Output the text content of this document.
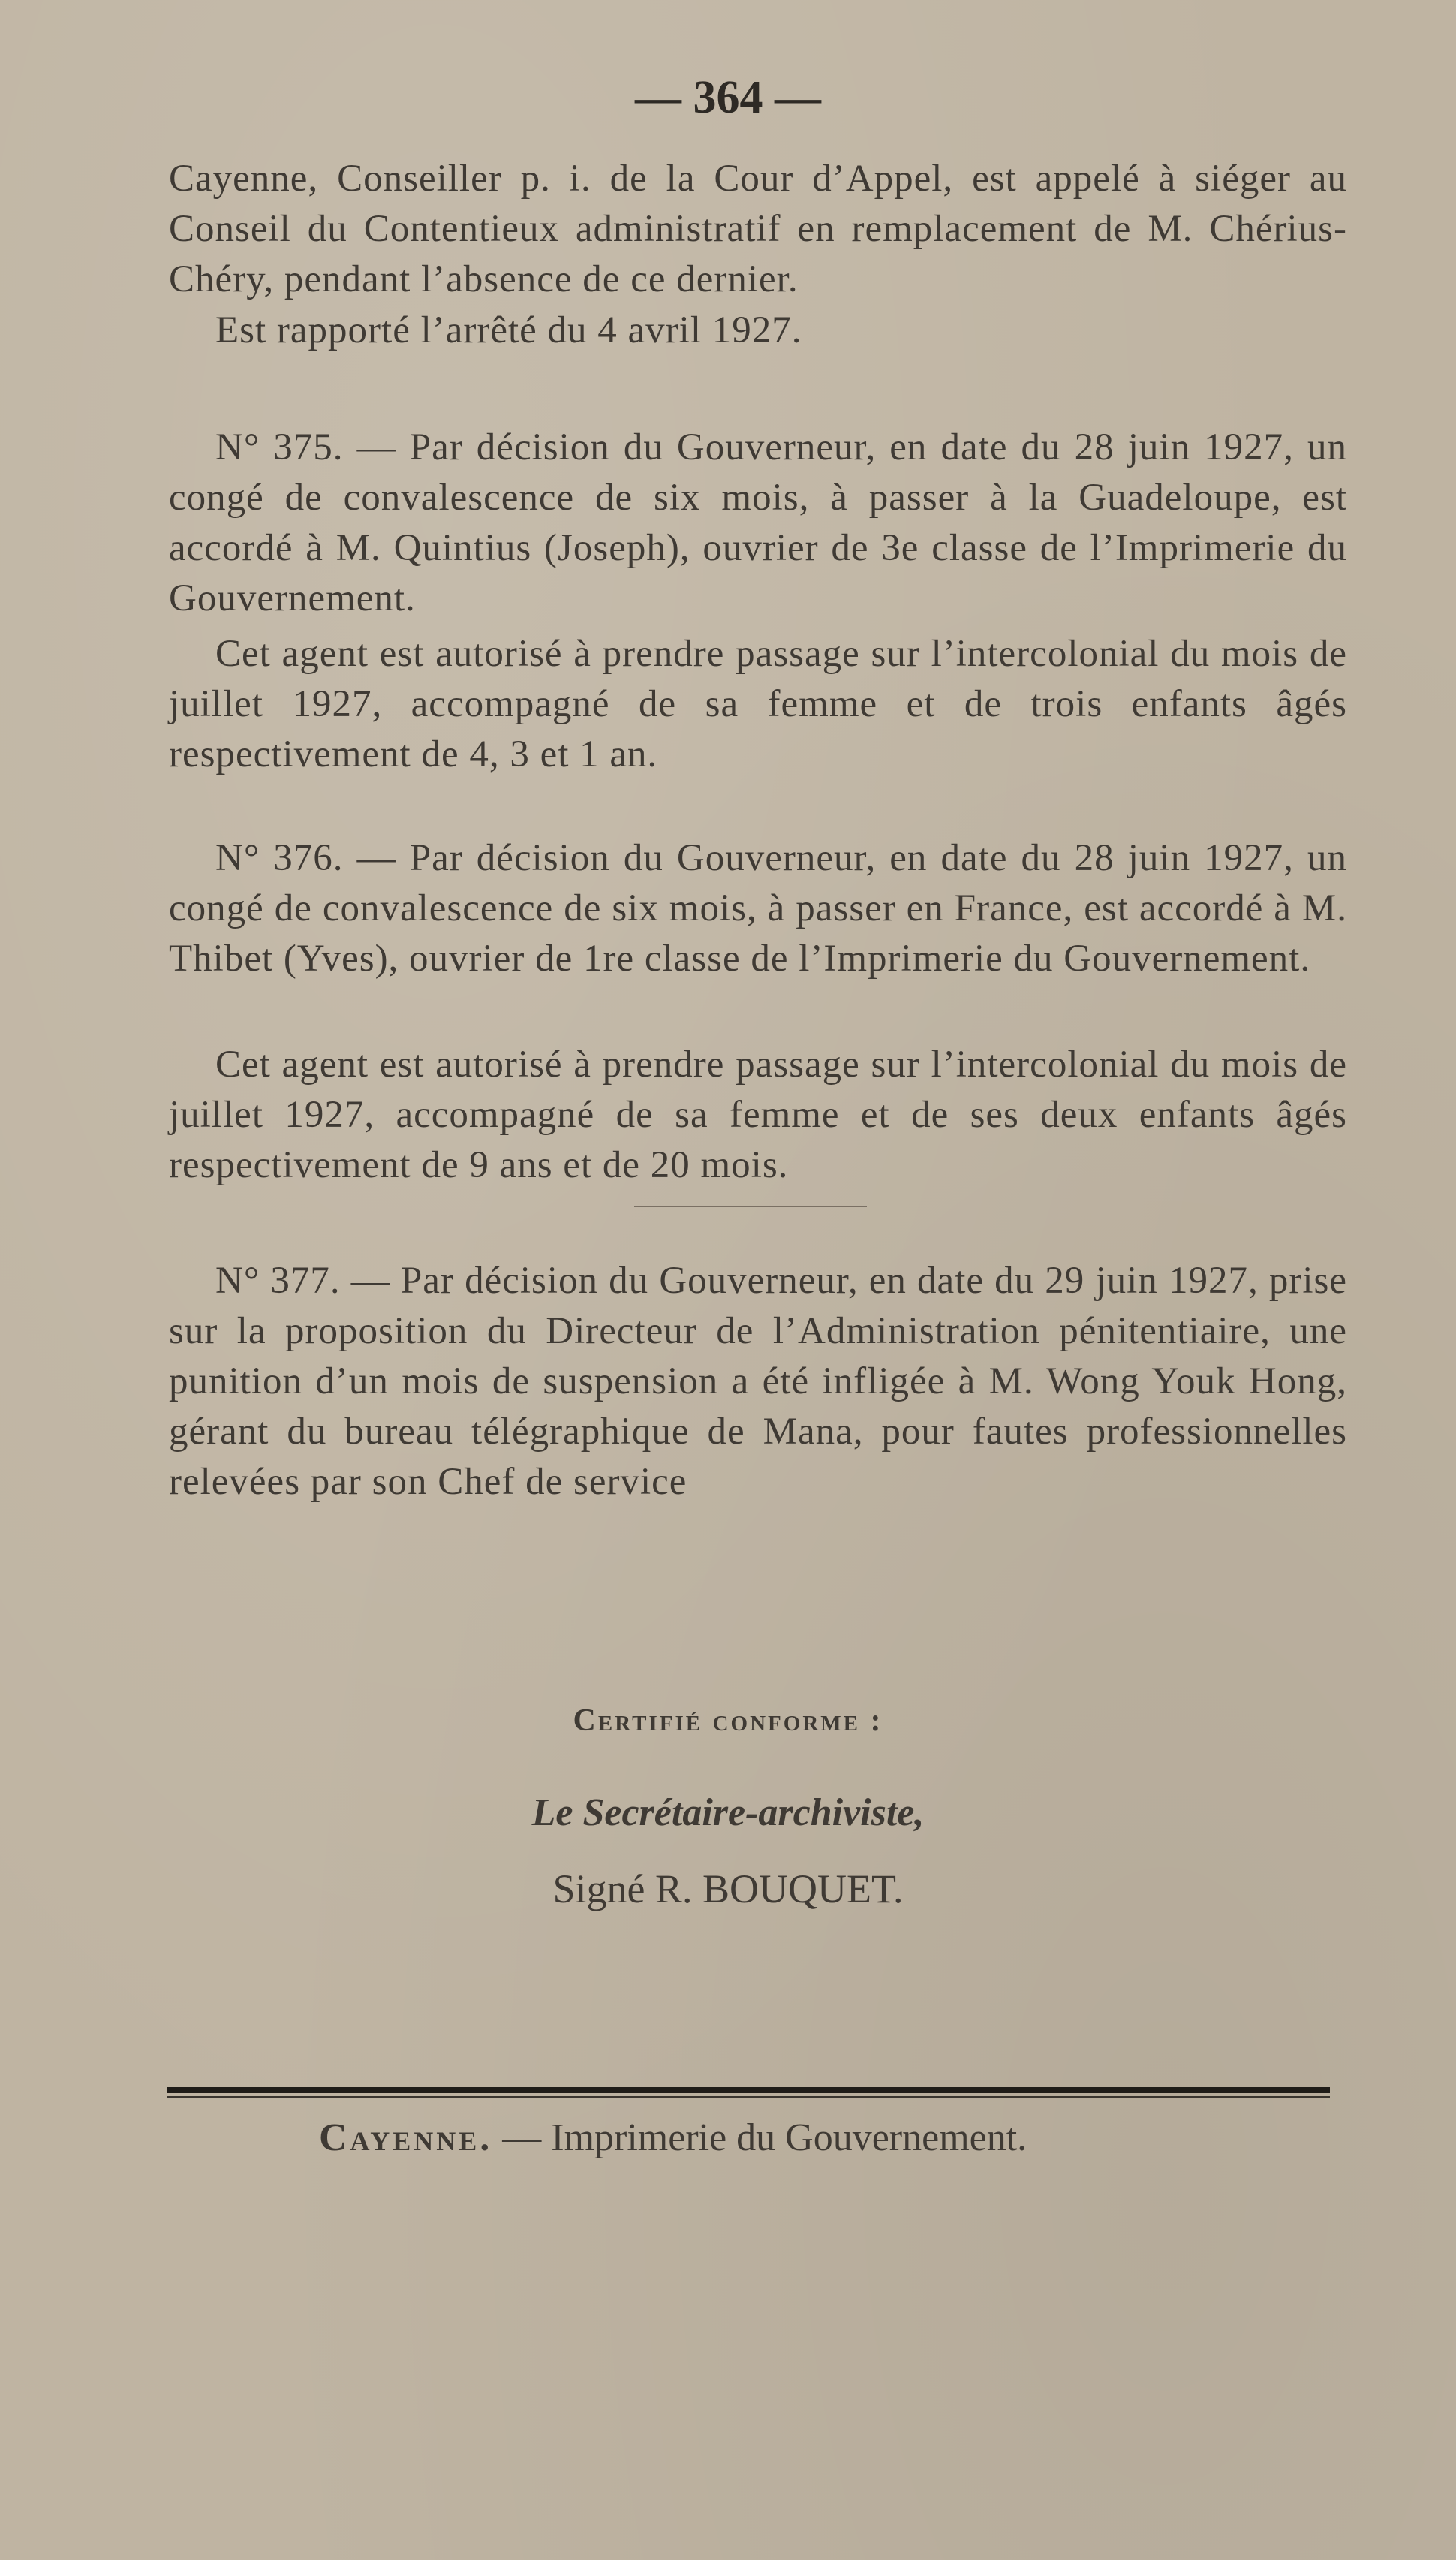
— 364 —

Cayenne, Conseiller p. i. de la Cour d’Appel, est appelé à siéger au Conseil du Contentieux administratif en remplacement de M. Chérius-Chéry, pendant l’absence de ce dernier.

Est rapporté l’arrêté du 4 avril 1927.

N° 375. — Par décision du Gouverneur, en date du 28 juin 1927, un congé de convalescence de six mois, à passer à la Guadeloupe, est accordé à M. Quintius (Joseph), ouvrier de 3e classe de l’Imprimerie du Gouvernement.

Cet agent est autorisé à prendre passage sur l’intercolonial du mois de juillet 1927, accompagné de sa femme et de trois enfants âgés respectivement de 4, 3 et 1 an.

N° 376. — Par décision du Gouverneur, en date du 28 juin 1927, un congé de convalescence de six mois, à passer en France, est accordé à M. Thibet (Yves), ouvrier de 1re classe de l’Imprimerie du Gouvernement.

Cet agent est autorisé à prendre passage sur l’intercolonial du mois de juillet 1927, accompagné de sa femme et de ses deux enfants âgés respectivement de 9 ans et de 20 mois.

N° 377. — Par décision du Gouverneur, en date du 29 juin 1927, prise sur la proposition du Directeur de l’Administration pénitentiaire, une punition d’un mois de suspension a été infligée à M. Wong Youk Hong, gérant du bureau télégraphique de Mana, pour fautes professionnelles relevées par son Chef de service

Certifié conforme :
Le Secrétaire-archiviste,
Signé R. BOUQUET.
Cayenne. — Imprimerie du Gouvernement.
